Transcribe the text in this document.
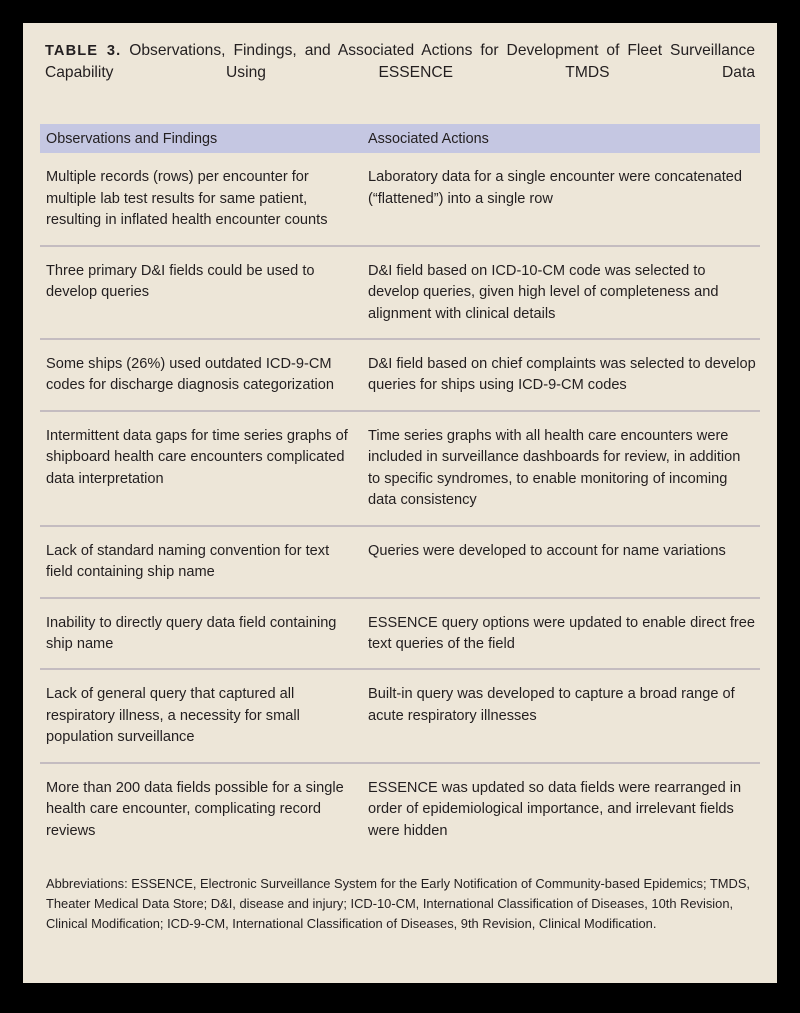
TABLE 3. Observations, Findings, and Associated Actions for Development of Fleet Surveillance Capability Using ESSENCE TMDS Data
Observations and Findings	Associated Actions
Multiple records (rows) per encounter for multiple lab test results for same patient, resulting in inflated health encounter counts
Laboratory data for a single encounter were concatenated (“flattened”) into a single row
Three primary D&I fields could be used to develop queries
D&I field based on ICD-10-CM code was selected to develop queries, given high level of completeness and alignment with clinical details
Some ships (26%) used outdated ICD-9-CM codes for discharge diagnosis categorization
D&I field based on chief complaints was selected to develop queries for ships using ICD-9-CM codes
Intermittent data gaps for time series graphs of shipboard health care encounters complicated data interpretation
Time series graphs with all health care encounters were included in surveillance dashboards for review, in addition to specific syndromes, to enable monitoring of incoming data consistency
Lack of standard naming convention for text field containing ship name
Queries were developed to account for name variations
Inability to directly query data field containing ship name
ESSENCE query options were updated to enable direct free text queries of the field
Lack of general query that captured all respiratory illness, a necessity for small population surveillance
Built-in query was developed to capture a broad range of acute respiratory illnesses
More than 200 data fields possible for a single health care encounter, complicating record reviews
ESSENCE was updated so data fields were rearranged in order of epidemiological importance, and irrelevant fields were hidden
Abbreviations: ESSENCE, Electronic Surveillance System for the Early Notification of Community-based Epidemics; TMDS, Theater Medical Data Store; D&I, disease and injury; ICD-10-CM, International Classification of Diseases, 10th Revision, Clinical Modification; ICD-9-CM, International Classification of Diseases, 9th Revision, Clinical Modification.
